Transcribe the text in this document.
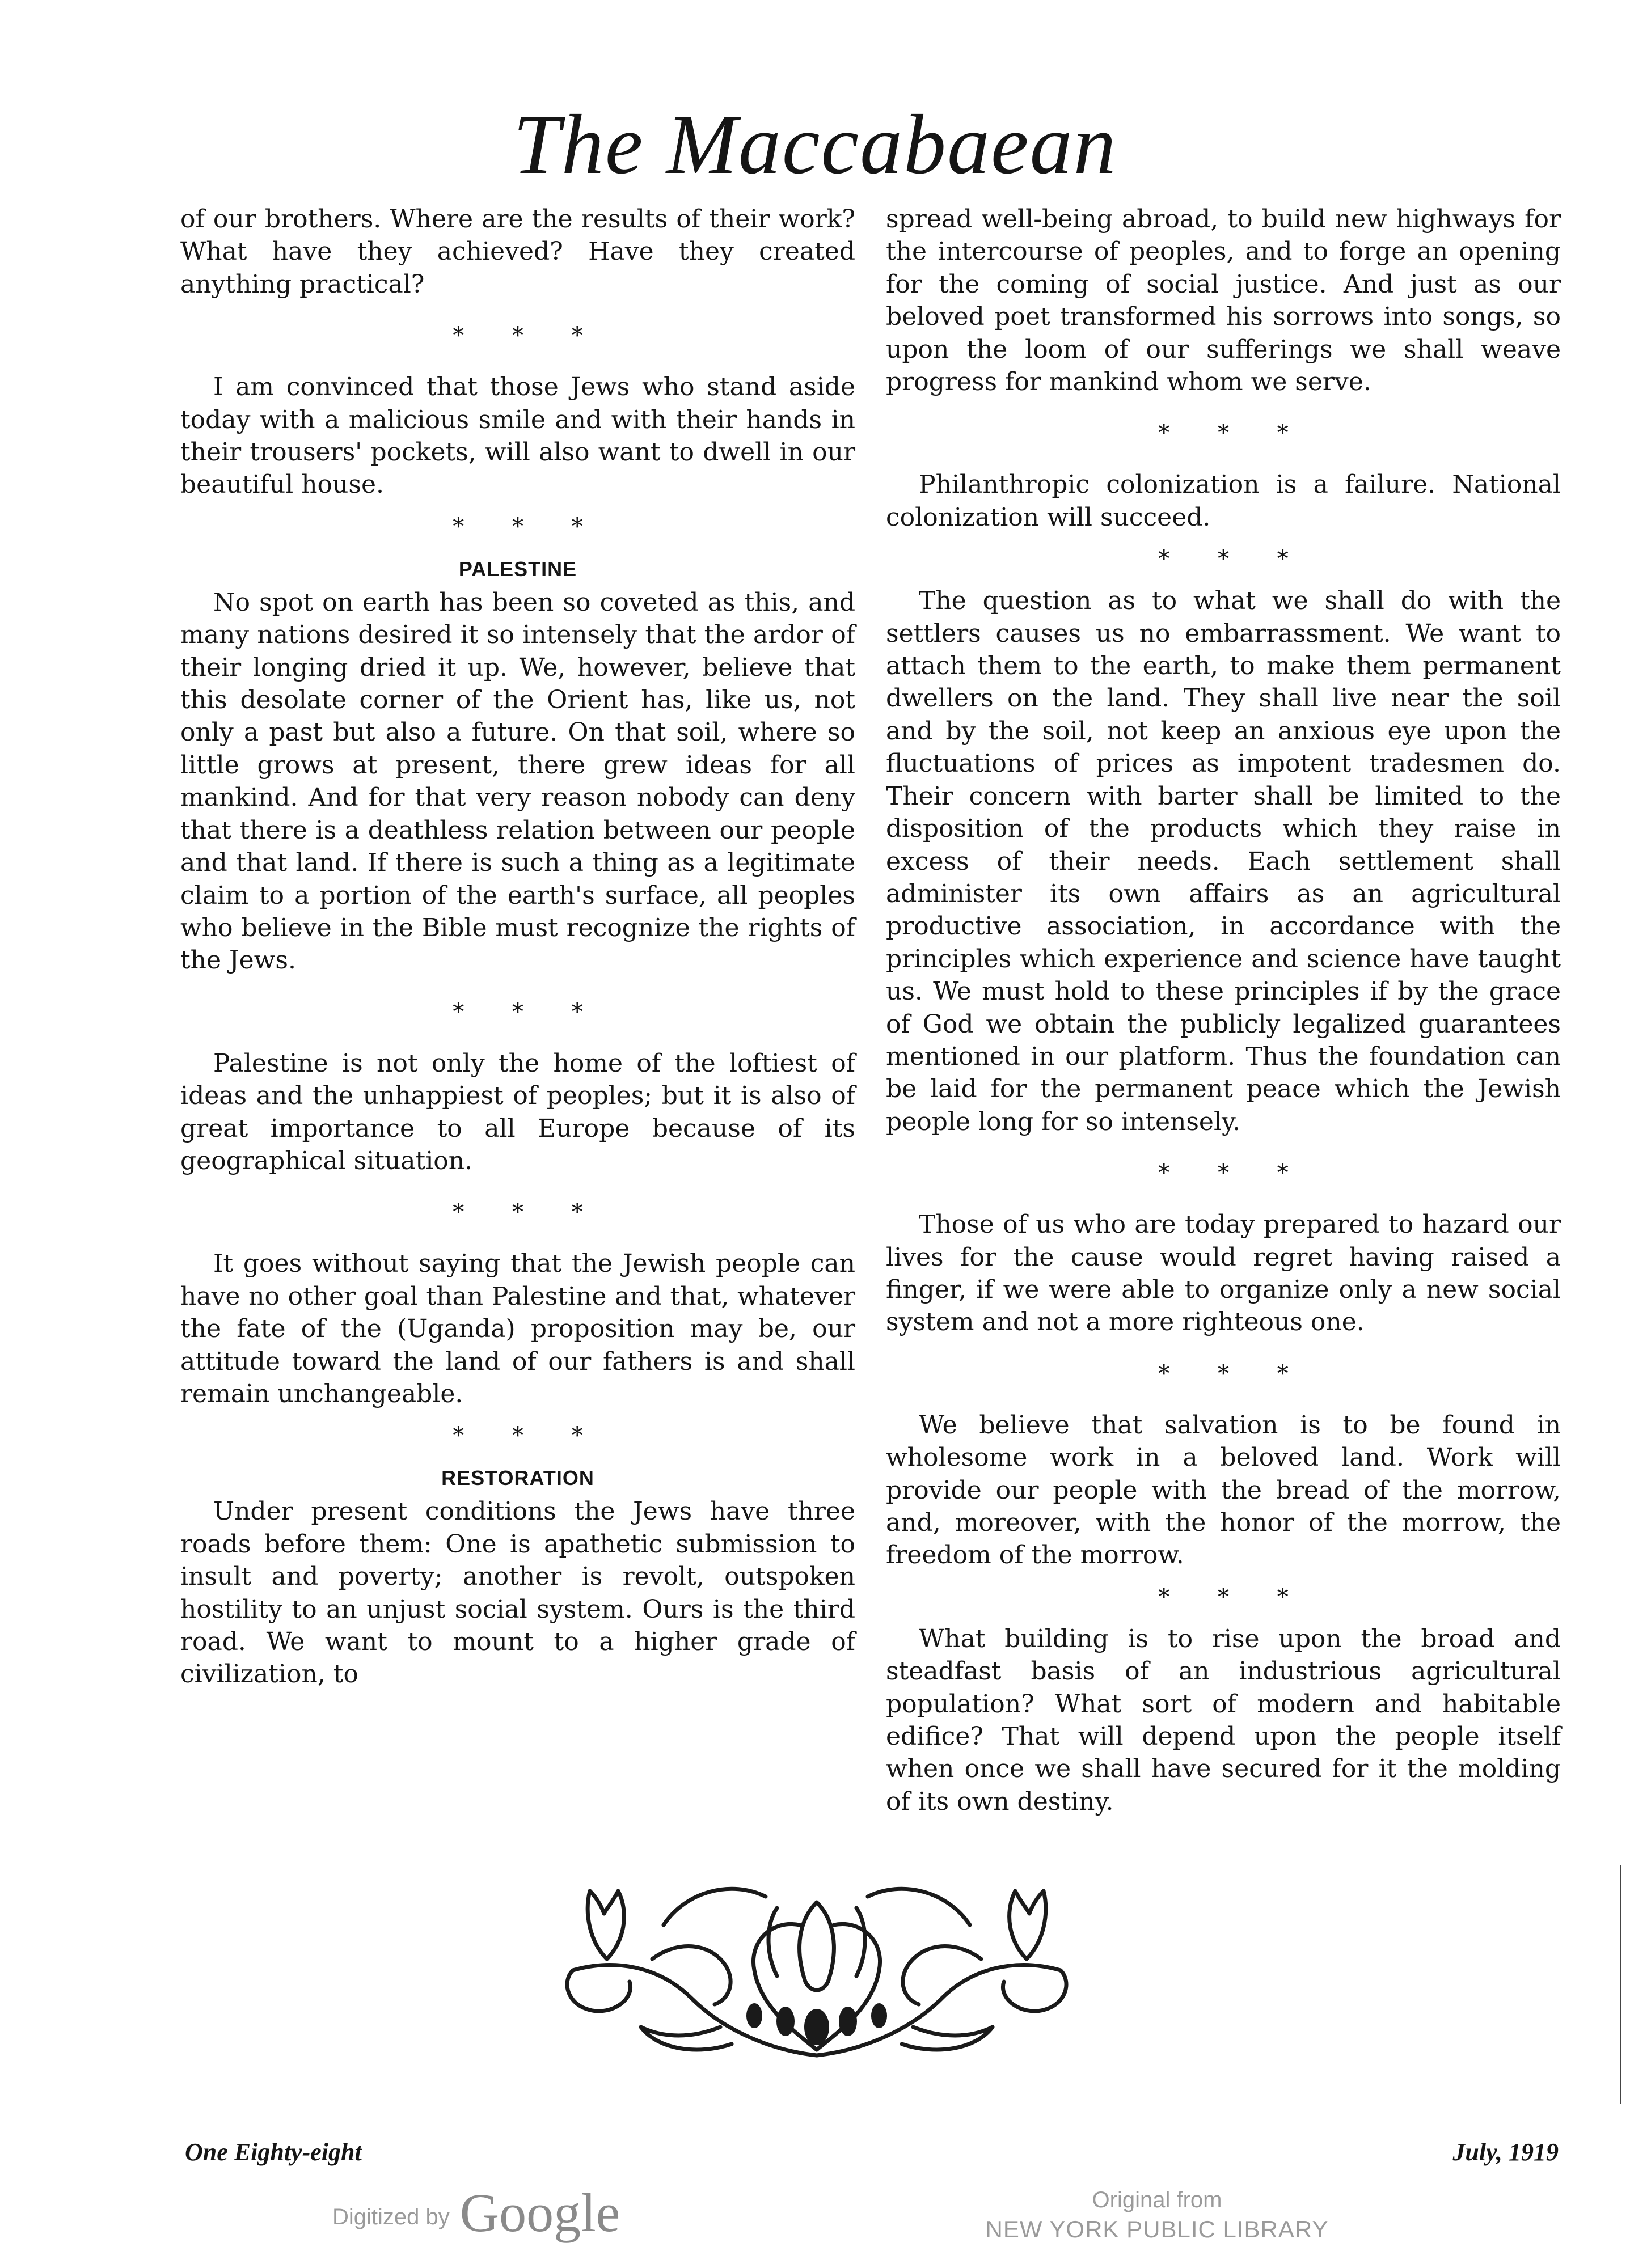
The Maccabaean

of our brothers. Where are the results of their work? What have they achieved? Have they created anything practical?

* * *

I am convinced that those Jews who stand aside today with a malicious smile and with their hands in their trousers' pockets, will also want to dwell in our beautiful house.

* * *
PALESTINE

No spot on earth has been so coveted as this, and many nations desired it so intensely that the ardor of their longing dried it up. We, however, believe that this desolate corner of the Orient has, like us, not only a past but also a future. On that soil, where so little grows at present, there grew ideas for all mankind. And for that very reason nobody can deny that there is a deathless relation between our people and that land. If there is such a thing as a legitimate claim to a portion of the earth's surface, all peoples who believe in the Bible must recognize the rights of the Jews.

* * *

Palestine is not only the home of the loftiest of ideas and the unhappiest of peoples; but it is also of great importance to all Europe because of its geographical situation.

* * *

It goes without saying that the Jewish people can have no other goal than Palestine and that, whatever the fate of the (Uganda) proposition may be, our attitude toward the land of our fathers is and shall remain unchangeable.

* * *
RESTORATION

Under present conditions the Jews have three roads before them: One is apathetic submission to insult and poverty; another is revolt, outspoken hostility to an unjust social system. Ours is the third road. We want to mount to a higher grade of civilization, to

spread well-being abroad, to build new highways for the intercourse of peoples, and to forge an opening for the coming of social justice. And just as our beloved poet transformed his sorrows into songs, so upon the loom of our sufferings we shall weave progress for mankind whom we serve.

* * *

Philanthropic colonization is a failure. National colonization will succeed.

* * *

The question as to what we shall do with the settlers causes us no embarrassment. We want to attach them to the earth, to make them permanent dwellers on the land. They shall live near the soil and by the soil, not keep an anxious eye upon the fluctuations of prices as impotent tradesmen do. Their concern with barter shall be limited to the disposition of the products which they raise in excess of their needs. Each settlement shall administer its own affairs as an agricultural productive association, in accordance with the principles which experience and science have taught us. We must hold to these principles if by the grace of God we obtain the publicly legalized guarantees mentioned in our platform. Thus the foundation can be laid for the permanent peace which the Jewish people long for so intensely.

* * *

Those of us who are today prepared to hazard our lives for the cause would regret having raised a finger, if we were able to organize only a new social system and not a more righteous one.

* * *

We believe that salvation is to be found in wholesome work in a beloved land. Work will provide our people with the bread of the morrow, and, moreover, with the honor of the morrow, the freedom of the morrow.

* * *

What building is to rise upon the broad and steadfast basis of an industrious agricultural population? What sort of modern and habitable edifice? That will depend upon the people itself when once we shall have secured for it the molding of its own destiny.

One Eighty-eight	July, 1919
Digitized by Google	Original from
NEW YORK PUBLIC LIBRARY
